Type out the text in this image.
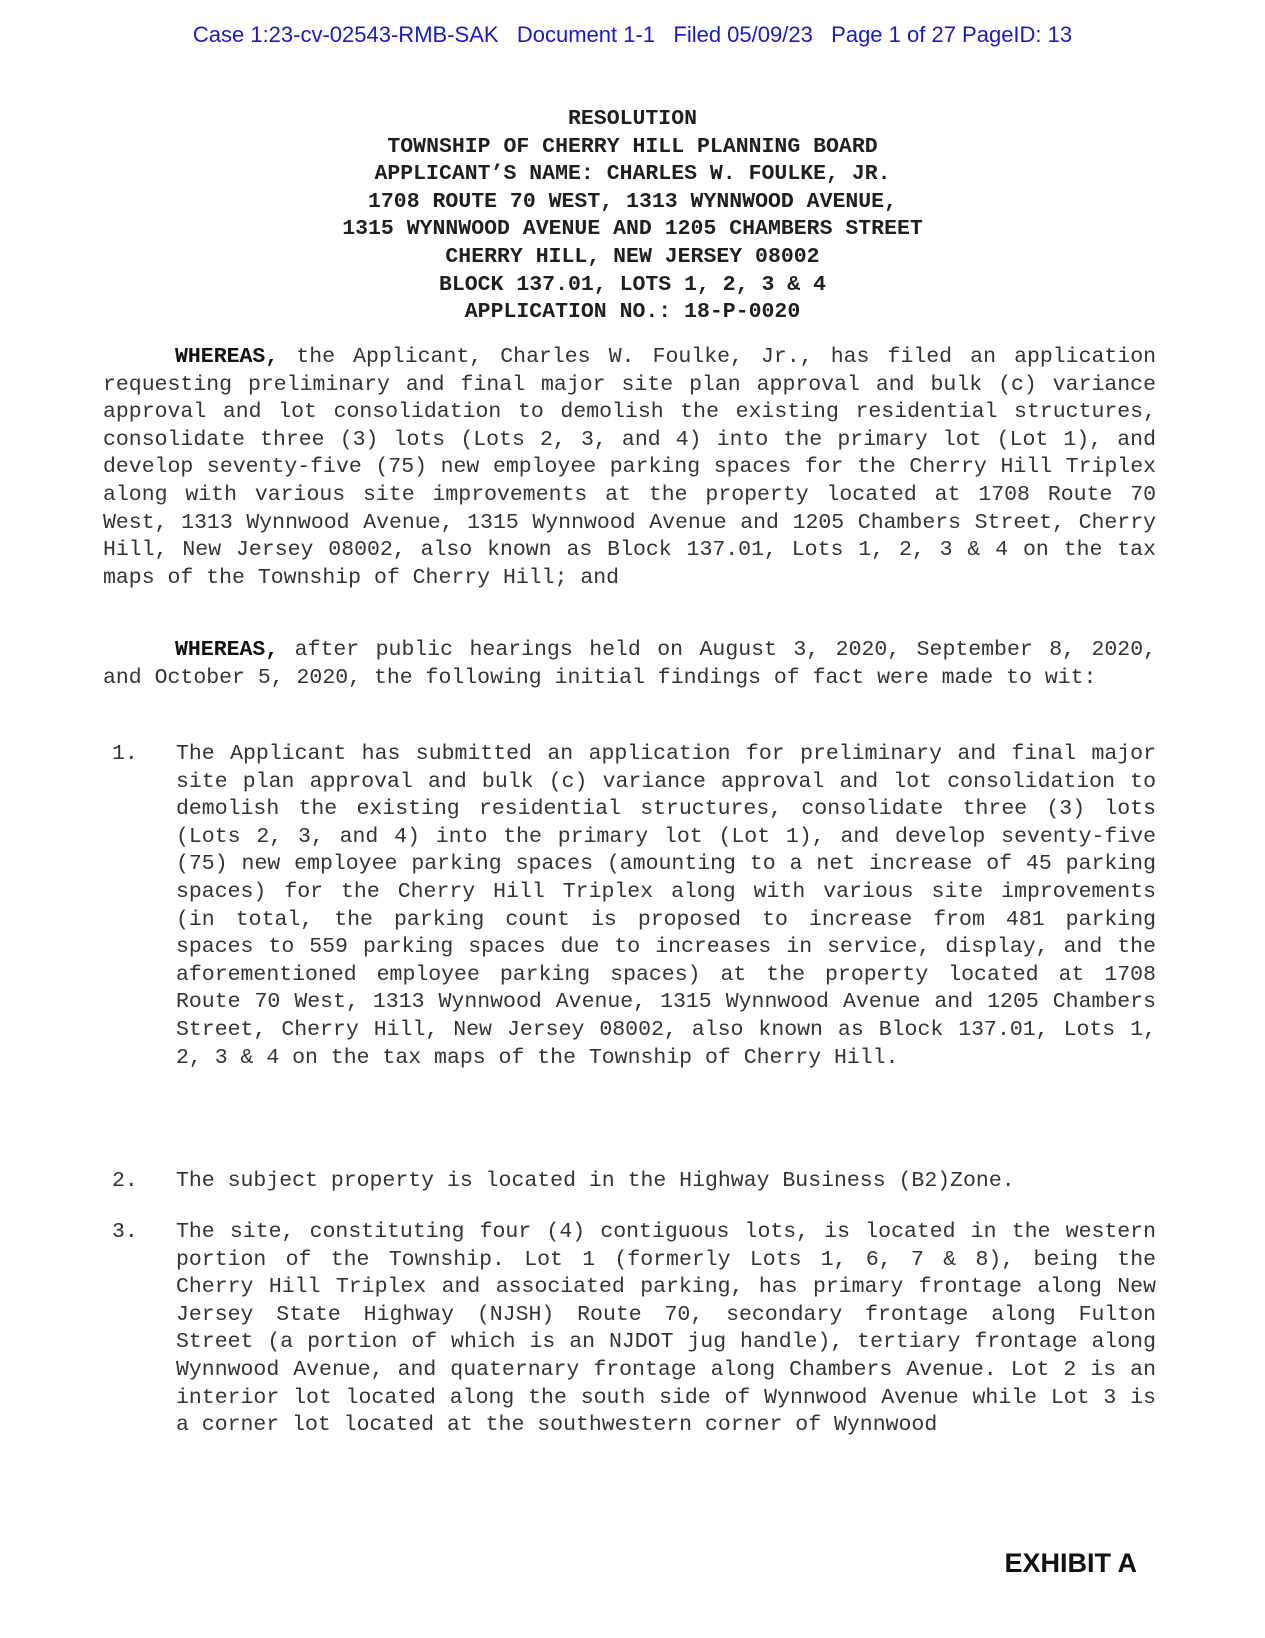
Case 1:23-cv-02543-RMB-SAK   Document 1-1   Filed 05/09/23   Page 1 of 27 PageID: 13
RESOLUTION
TOWNSHIP OF CHERRY HILL PLANNING BOARD
APPLICANT’S NAME: CHARLES W. FOULKE, JR.
1708 ROUTE 70 WEST, 1313 WYNNWOOD AVENUE,
1315 WYNNWOOD AVENUE AND 1205 CHAMBERS STREET
CHERRY HILL, NEW JERSEY 08002
BLOCK 137.01, LOTS 1, 2, 3 & 4
APPLICATION NO.: 18-P-0020

WHEREAS, the Applicant, Charles W. Foulke, Jr., has filed an application requesting preliminary and final major site plan approval and bulk (c) variance approval and lot consolidation to demolish the existing residential structures, consolidate three (3) lots (Lots 2, 3, and 4) into the primary lot (Lot 1), and develop seventy-five (75) new employee parking spaces for the Cherry Hill Triplex along with various site improvements at the property located at 1708 Route 70 West, 1313 Wynnwood Avenue, 1315 Wynnwood Avenue and 1205 Chambers Street, Cherry Hill, New Jersey 08002, also known as Block 137.01, Lots 1, 2, 3 & 4 on the tax maps of the Township of Cherry Hill; and

WHEREAS, after public hearings held on August 3, 2020, September 8, 2020, and October 5, 2020, the following initial findings of fact were made to wit:

1. The Applicant has submitted an application for preliminary and final major site plan approval and bulk (c) variance approval and lot consolidation to demolish the existing residential structures, consolidate three (3) lots (Lots 2, 3, and 4) into the primary lot (Lot 1), and develop seventy-five (75) new employee parking spaces (amounting to a net increase of 45 parking spaces) for the Cherry Hill Triplex along with various site improvements (in total, the parking count is proposed to increase from 481 parking spaces to 559 parking spaces due to increases in service, display, and the aforementioned employee parking spaces) at the property located at 1708 Route 70 West, 1313 Wynnwood Avenue, 1315 Wynnwood Avenue and 1205 Chambers Street, Cherry Hill, New Jersey 08002, also known as Block 137.01, Lots 1, 2, 3 & 4 on the tax maps of the Township of Cherry Hill.
2. The subject property is located in the Highway Business (B2)Zone.
3. The site, constituting four (4) contiguous lots, is located in the western portion of the Township. Lot 1 (formerly Lots 1, 6, 7 & 8), being the Cherry Hill Triplex and associated parking, has primary frontage along New Jersey State Highway (NJSH) Route 70, secondary frontage along Fulton Street (a portion of which is an NJDOT jug handle), tertiary frontage along Wynnwood Avenue, and quaternary frontage along Chambers Avenue. Lot 2 is an interior lot located along the south side of Wynnwood Avenue while Lot 3 is a corner lot located at the southwestern corner of Wynnwood
EXHIBIT A
